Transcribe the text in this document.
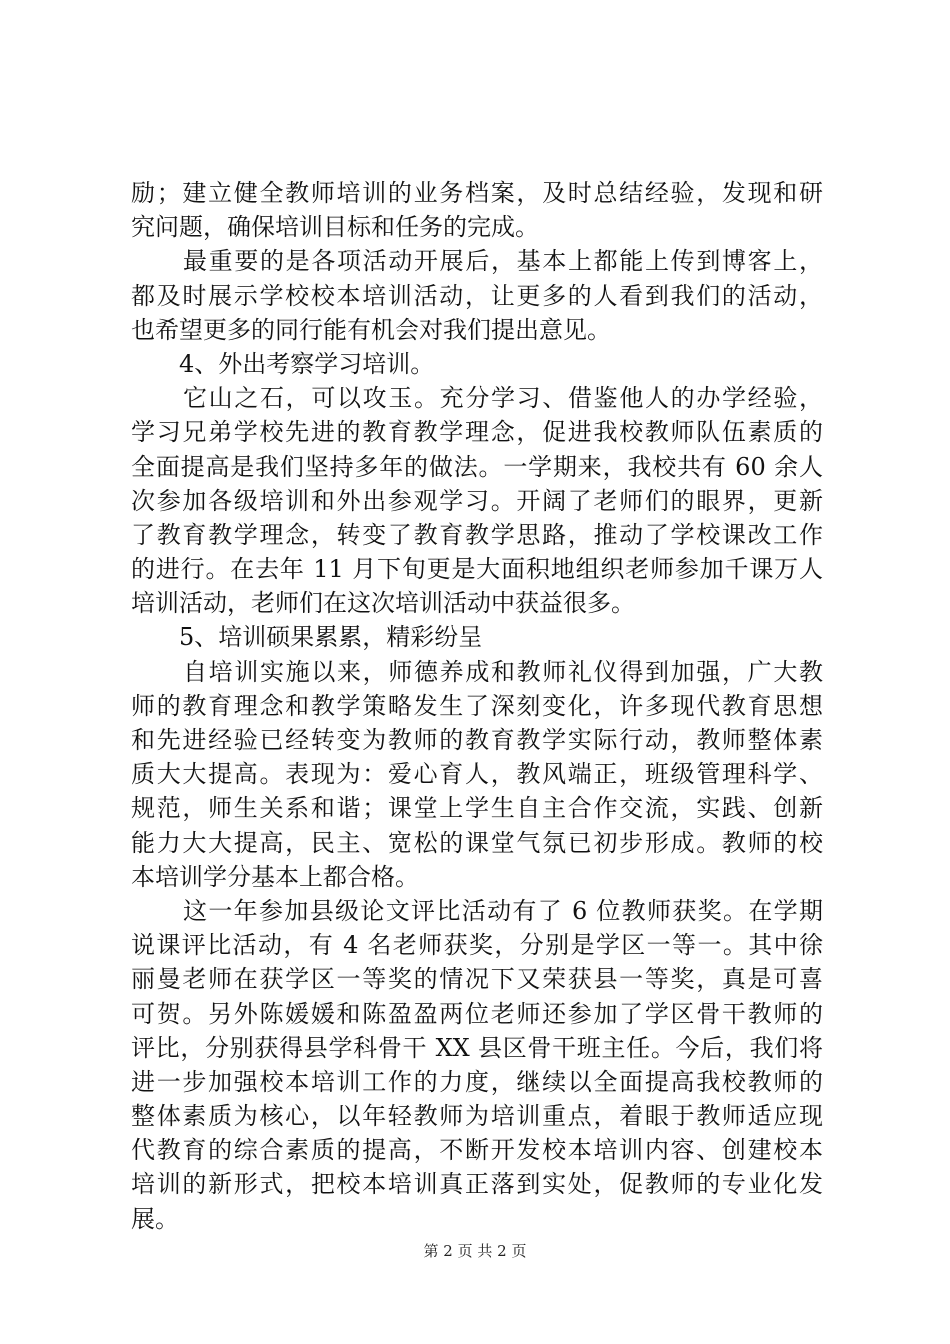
励；建立健全教师培训的业务档案，及时总结经验，发现和研
究问题，确保培训目标和任务的完成。
最重要的是各项活动开展后，基本上都能上传到博客上，
都及时展示学校校本培训活动，让更多的人看到我们的活动，
也希望更多的同行能有机会对我们提出意见。
4、外出考察学习培训。
它山之石，可以攻玉。充分学习、借鉴他人的办学经验，
学习兄弟学校先进的教育教学理念，促进我校教师队伍素质的
全面提高是我们坚持多年的做法。一学期来，我校共有 60 余人
次参加各级培训和外出参观学习。开阔了老师们的眼界，更新
了教育教学理念，转变了教育教学思路，推动了学校课改工作
的进行。在去年 11 月下旬更是大面积地组织老师参加千课万人
培训活动，老师们在这次培训活动中获益很多。
5、培训硕果累累，精彩纷呈
自培训实施以来，师德养成和教师礼仪得到加强，广大教
师的教育理念和教学策略发生了深刻变化，许多现代教育思想
和先进经验已经转变为教师的教育教学实际行动，教师整体素
质大大提高。表现为：爱心育人，教风端正，班级管理科学、
规范，师生关系和谐；课堂上学生自主合作交流，实践、创新
能力大大提高，民主、宽松的课堂气氛已初步形成。教师的校
本培训学分基本上都合格。
这一年参加县级论文评比活动有了 6 位教师获奖。在学期
说课评比活动，有 4 名老师获奖，分别是学区一等一。其中徐
丽曼老师在获学区一等奖的情况下又荣获县一等奖，真是可喜
可贺。另外陈媛媛和陈盈盈两位老师还参加了学区骨干教师的
评比，分别获得县学科骨干 XX 县区骨干班主任。今后，我们将
进一步加强校本培训工作的力度，继续以全面提高我校教师的
整体素质为核心，以年轻教师为培训重点，着眼于教师适应现
代教育的综合素质的提高，不断开发校本培训内容、创建校本
培训的新形式，把校本培训真正落到实处，促教师的专业化发
展。
第 2 页 共 2 页
